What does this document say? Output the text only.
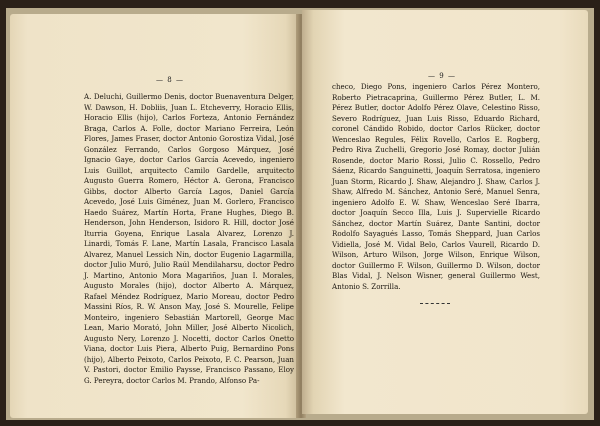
— 8 —
A. Deluchi, Guillermo Denis, doctor Buenaventura Delger, W. Dawson, H. Dobliis, Juan L. Etcheverry, Horacio Ellis, Horacio Ellis (hijo), Carlos Forteza, Antonio Fernández Braga, Carlos A. Folle, doctor Mariano Ferreira, León Flores, James Fraser, doctor Antonio Gorostiza Vidal, José González Ferrando, Carlos Gorgoso Márquez, José Ignacio Gaye, doctor Carlos García Acevedo, ingeniero Luis Guillot, arquitecto Camilo Gardelle, arquitecto Augusto Guerra Romero, Héctor A. Gerona, Francisco Gibbs, doctor Alberto García Lagos, Daniel García Acevedo, José Luis Giménez, Juan M. Gorlero, Francisco Haedo Suárez, Martín Horta, Frane Hughes, Diego B. Henderson, John Henderson, Isidoro R. Hill, doctor José Iturria Goyena, Enrique Lasala Alvarez, Lorenzo J. Linardi, Tomás F. Lane, Martín Lasala, Francisco Lasala Alvarez, Manuel Lessich Nin, doctor Eugenio Lagarmilla, doctor Julio Muró, Julio Raúl Mendilaharsu, doctor Pedro J. Martino, Antonio Mora Magariños, Juan I. Morales, Augusto Morales (hijo), doctor Alberto A. Márquez, Rafael Méndez Rodríguez, Mario Moreau, doctor Pedro Massini Ríos, R. W. Anson May, José S. Mourelle, Felipe Monteiro, ingeniero Sebastián Martorell, George Mac Lean, Mario Morató, John Miller, José Alberto Nicolich, Augusto Nery, Lorenzo J. Nocetti, doctor Carlos Onetto Viana, doctor Luis Piera, Alberto Puig, Bernardino Pons (hijo), Alberto Peixoto, Carlos Peixoto, F. C. Pearson, Juan V. Pastori, doctor Emilio Paysse, Francisco Passano, Eloy G. Pereyra, doctor Carlos M. Prando, Alfonso Pa-
— 9 —
checo, Diego Pons, ingeniero Carlos Pérez Montero, Roberto Pietracaprina, Guillermo Pérez Butler, L. M. Pérez Butler, doctor Adolfo Pérez Olave, Celestino Risso, Severo Rodríguez, Juan Luis Risso, Eduardo Richard, coronel Cándido Robido, doctor Carlos Rücker, doctor Wenceslao Regules, Félix Rovello, Carlos E. Rogberg, Pedro Riva Zuchelli, Gregorio José Romay, doctor Julián Rosende, doctor Mario Rossi, Julio C. Rossello, Pedro Sáenz, Ricardo Sanguinetti, Joaquín Serratosa, ingeniero Juan Storm, Ricardo J. Shaw, Alejandro J. Shaw, Carlos J. Shaw, Alfredo M. Sánchez, Antonio Seré, Manuel Senra, ingeniero Adolfo E. W. Shaw, Wenceslao Seré Ibarra, doctor Joaquín Secco Illa, Luis J. Supervielle Ricardo Sánchez, doctor Martín Suárez, Dante Santini, doctor Rodolfo Sayagués Lasso, Tomás Sheppard, Juan Carlos Vidiella, José M. Vidal Belo, Carlos Vaurell, Ricardo D. Wilson, Arturo Wilson, Jorge Wilson, Enrique Wilson, doctor Guillermo F. Wilson, Guillermo D. Wilson, doctor Blas Vidal, J. Nelson Wisner, general Guillermo West, Antonio S. Zorrilla.
